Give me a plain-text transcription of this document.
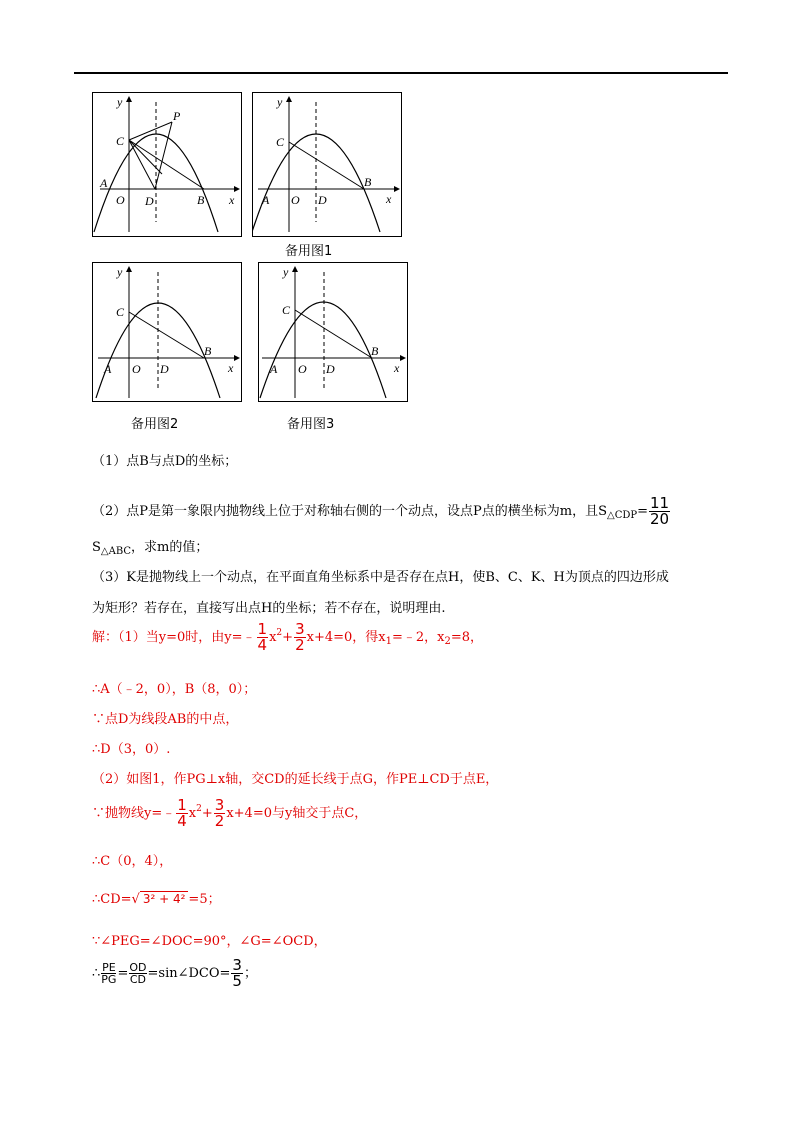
y
x
C
P
A
O D	B
y
x
C
A O D
B
备用图1
y
x
C
A O D
B
备用图2
y
x
C
A O D
B
备用图3
（1）点B与点D的坐标；
（2）点P是第一象限内抛物线上位于对称轴右侧的一个动点，设点P点的横坐标为m，且$S_{\triangle CDP}= \frac{11}{20}$
$S_{\triangle ABC}$，求m的值；
（3）K是抛物线上一个动点，在平面直角坐标系中是否存在点H，使B、C、K、H为顶点的四边形成
为矩形？若存在，直接写出点H的坐标；若不存在，说明理由.
解：（1）当y=0时，由y=﹣ $\frac{1}{4} x^2+ \frac{3}{2} x+4=0$，得$x_1=﹣2$，$x_2=8$，
∴A（﹣2，0），B（8，0）；
∵点D为线段AB的中点，
∴D（3，0）.
（2）如图1，作PG⊥x轴，交CD的延长线于点G，作PE⊥CD于点E，
∵抛物线y=﹣ $\frac{1}{4} x^2+ \frac{3}{2} x+4=0$与y轴交于点C，
∴C（0，4），
∴CD=√ 3² + 4² =5；
∵∠PEG=∠DOC=90°，∠G=∠OCD，
∴ $\frac{PE}{PG} = \frac{OD}{CD}$ =sin∠DCO= $\frac{3}{5}$ ；
